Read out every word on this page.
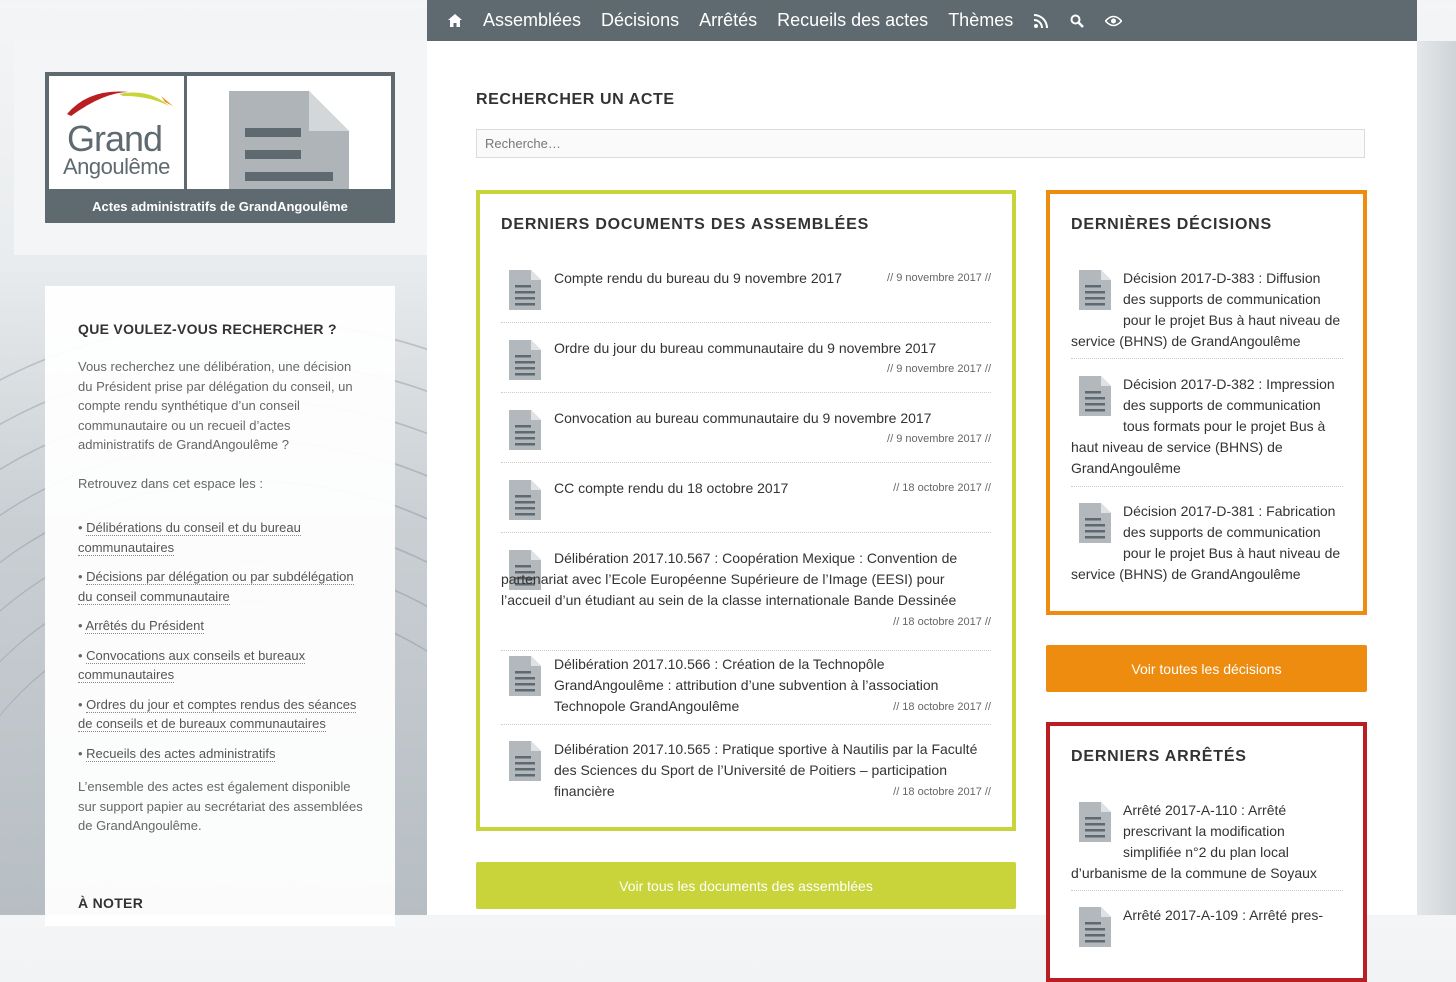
Assemblées	Décisions	Arrêtés	Recueils des actes	Thèmes
Grand
Angoulême
Actes administratifs de GrandAngoulême
QUE VOULEZ-VOUS RECHERCHER ?

Vous recherchez une délibération, une décision du Président prise par délégation du conseil, un compte rendu synthétique d’un conseil communautaire ou un recueil d’actes administratifs de GrandAngoulême ?

Retrouvez dans cet espace les :

• Délibérations du conseil et du bureau communautaires
• Décisions par délégation ou par subdélégation du conseil communautaire
• Arrêtés du Président
• Convocations aux conseils et bureaux communautaires
• Ordres du jour et comptes rendus des séances de conseils et de bureaux communautaires
• Recueils des actes administratifs

L’ensemble des actes est également disponible sur support papier au secrétariat des assemblées de GrandAngoulême.

À NOTER
RECHERCHER UN ACTE
Recherche…
DERNIERS DOCUMENTS DES ASSEMBLÉES
Compte rendu du bureau du 9 novembre 2017	// 9 novembre 2017 //
Ordre du jour du bureau communautaire du 9 novembre 2017
// 9 novembre 2017 //
Convocation au bureau communautaire du 9 novembre 2017
// 9 novembre 2017 //
CC compte rendu du 18 octobre 2017	// 18 octobre 2017 //
Délibération 2017.10.567 : Coopération Mexique : Convention de partenariat avec l’Ecole Européenne Supérieure de l’Image (EESI) pour l’accueil d’un étudiant au sein de la classe internationale Bande Dessinée
// 18 octobre 2017 //
Délibération 2017.10.566 : Création de la Technopôle GrandAngoulême : attribution d’une subvention à l’association Technopole GrandAngoulême	// 18 octobre 2017 //
Délibération 2017.10.565 : Pratique sportive à Nautilis par la Faculté des Sciences du Sport de l’Université de Poitiers – participation financière	// 18 octobre 2017 //
Voir tous les documents des assemblées
DERNIÈRES DÉCISIONS
Décision 2017-D-383 : Diffusion des supports de communication pour le projet Bus à haut niveau de service (BHNS) de GrandAngoulême
Décision 2017-D-382 : Impression des supports de communication tous formats pour le projet Bus à haut niveau de service (BHNS) de GrandAngoulême
Décision 2017-D-381 : Fabrication des supports de communication pour le projet Bus à haut niveau de service (BHNS) de GrandAngoulême
Voir toutes les décisions
DERNIERS ARRÊTÉS
Arrêté 2017-A-110 : Arrêté prescrivant la modification simplifiée n°2 du plan local d’urbanisme de la commune de Soyaux
Arrêté 2017-A-109 : Arrêté pres-
